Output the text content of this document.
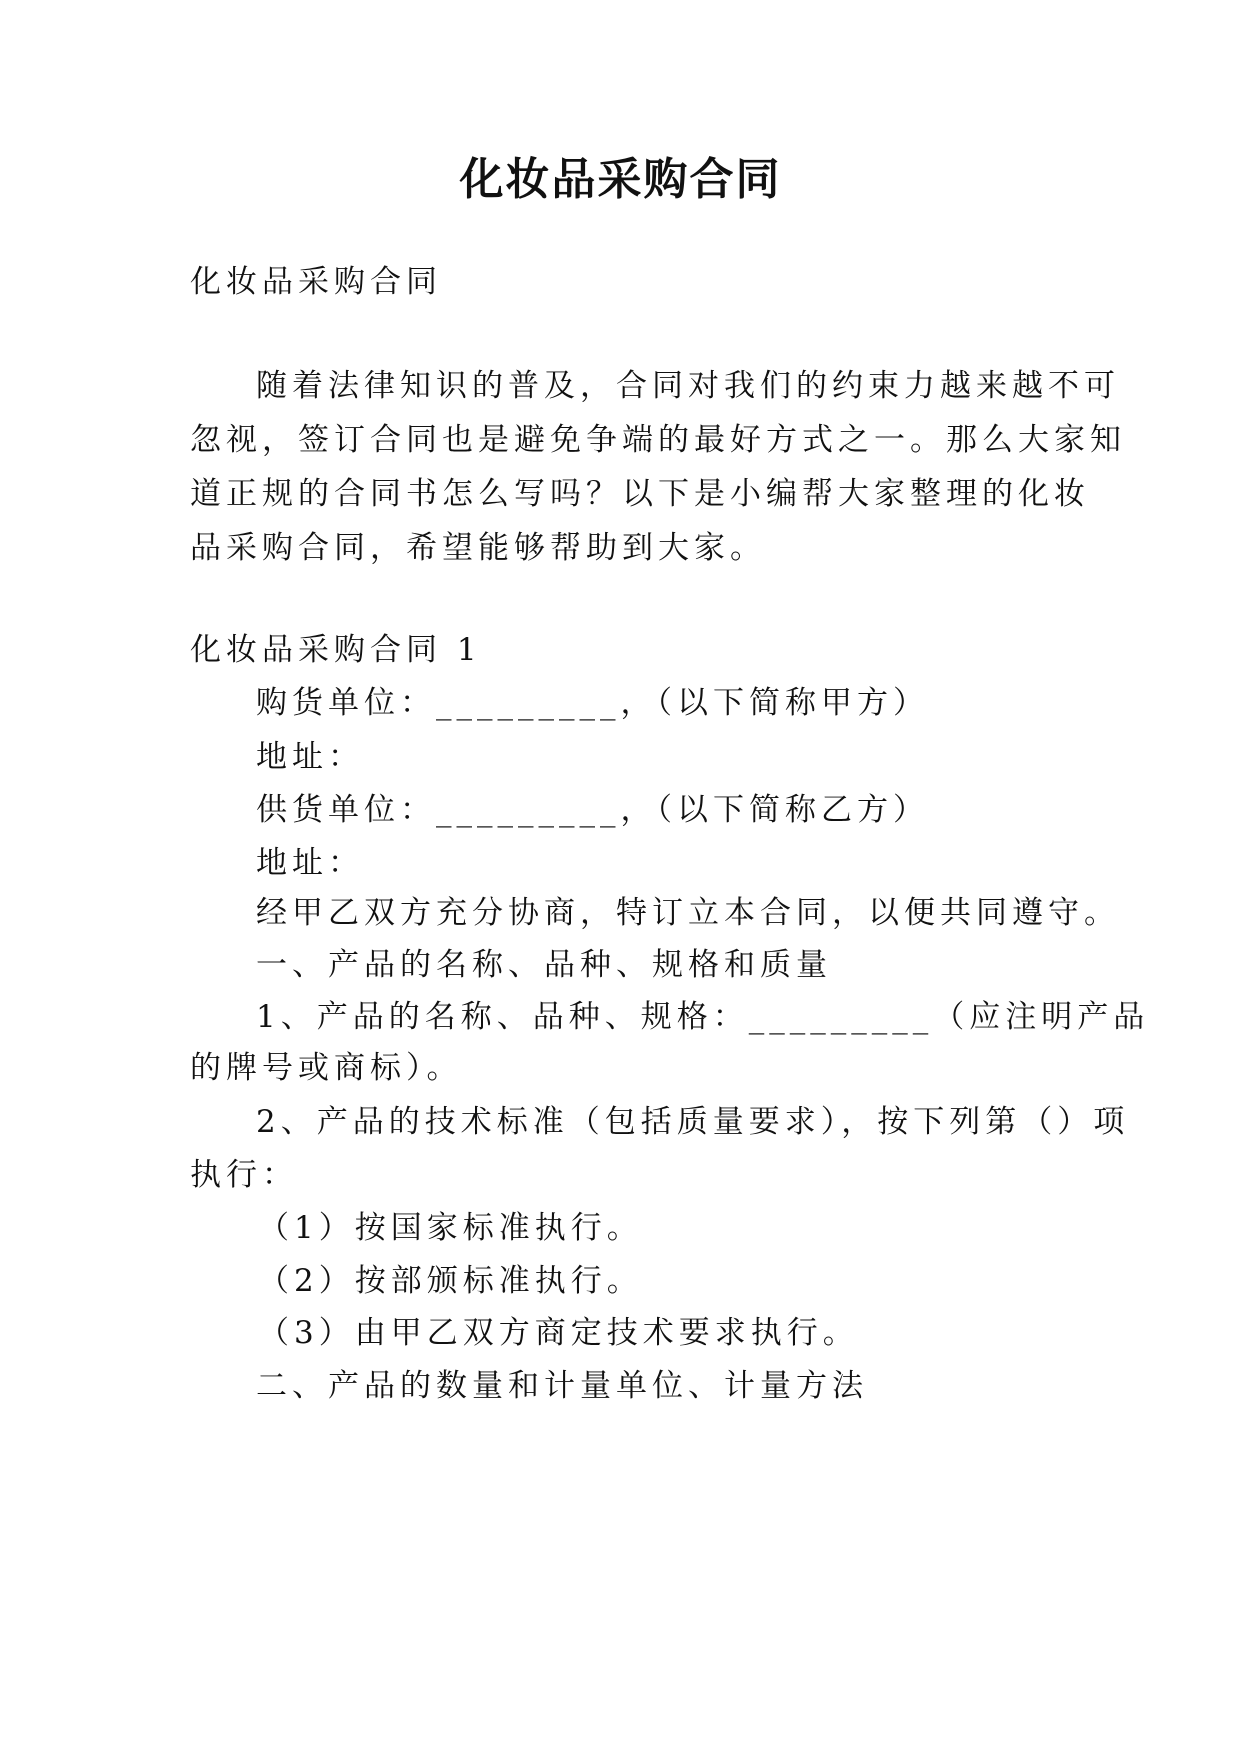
化妆品采购合同

化妆品采购合同

随着法律知识的普及，合同对我们的约束力越来越不可

忽视，签订合同也是避免争端的最好方式之一。那么大家知

道正规的合同书怎么写吗？以下是小编帮大家整理的化妆

品采购合同，希望能够帮助到大家。

化妆品采购合同 1

购货单位：_________，（以下简称甲方）

地址：

供货单位：_________，（以下简称乙方）

地址：

经甲乙双方充分协商，特订立本合同，以便共同遵守。

一、产品的名称、品种、规格和质量

1、产品的名称、品种、规格：_________（应注明产品

的牌号或商标）。

2、产品的技术标准（包括质量要求），按下列第（）项

执行：

（1）按国家标准执行。

（2）按部颁标准执行。

（3）由甲乙双方商定技术要求执行。

二、产品的数量和计量单位、计量方法
